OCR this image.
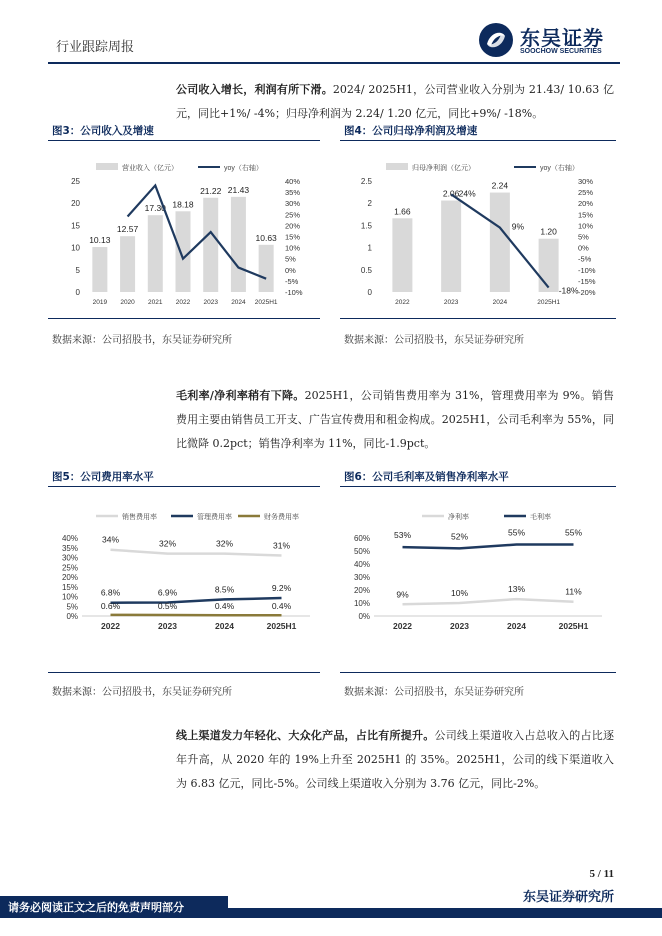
行业跟踪周报	东吴证券
SOOCHOW SECURITIES
公司收入增长，利润有所下滑。2024/ 2025H1，公司营业收入分别为 21.43/ 10.63 亿元，同比+1%/ -4%；归母净利润为 2.24/ 1.20 亿元，同比+9%/ -18%。
图3：公司收入及增速
营业收入（亿元）	yoy（右轴）
0
5
10
15
20
25
-10%
-5%
0%
5%
10%
15%
20%
25%
30%
35%
40%
10.13
12.57
17.30 18.18
21.22 21.43
10.63
2019 2020 2021 2022 2023 2024 2025H1
数据来源：公司招股书，东吴证券研究所
图4：公司归母净利润及增速
归母净利润（亿元）	yoy（右轴）
0
0.5
1
1.5
2
2.5
-20%
-15%
-10%
-5%
0%
5%
10%
15%
20%
25%
30%
1.66
2.06
2.24
1.20
2022	2023	2024	2025H1
24%
9%
-18%
数据来源：公司招股书，东吴证券研究所
毛利率/净利率稍有下降。2025H1，公司销售费用率为 31%，管理费用率为 9%。销售费用主要由销售员工开支、广告宣传费用和租金构成。2025H1，公司毛利率为 55%，同比微降 0.2pct；销售净利率为 11%，同比-1.9pct。
图5：公司费用率水平
销售费用率	管理费用率	财务费用率
0%
5%
10%
15%
20%
25%
30%
35%
40%
2022	2023	2024	2025H1
34%	32%	32%	31%
6.8%	6.9%	8.5%	9.2%
0.6%	0.5%	0.4%	0.4%
数据来源：公司招股书，东吴证券研究所
图6：公司毛利率及销售净利率水平
净利率	毛利率
0%
10%
20%
30%
40%
50%
60%
2022	2023	2024	2025H1
9%	10%	13%	11%
53%	52%	55%	55%
数据来源：公司招股书，东吴证券研究所
线上渠道发力年轻化、大众化产品，占比有所提升。公司线上渠道收入占总收入的占比逐年升高，从 2020 年的 19%上升至 2025H1 的 35%。2025H1，公司的线下渠道收入为 6.83 亿元，同比-5%。公司线上渠道收入分别为 3.76 亿元，同比-2%。
5 / 11
东吴证券研究所
请务必阅读正文之后的免责声明部分
